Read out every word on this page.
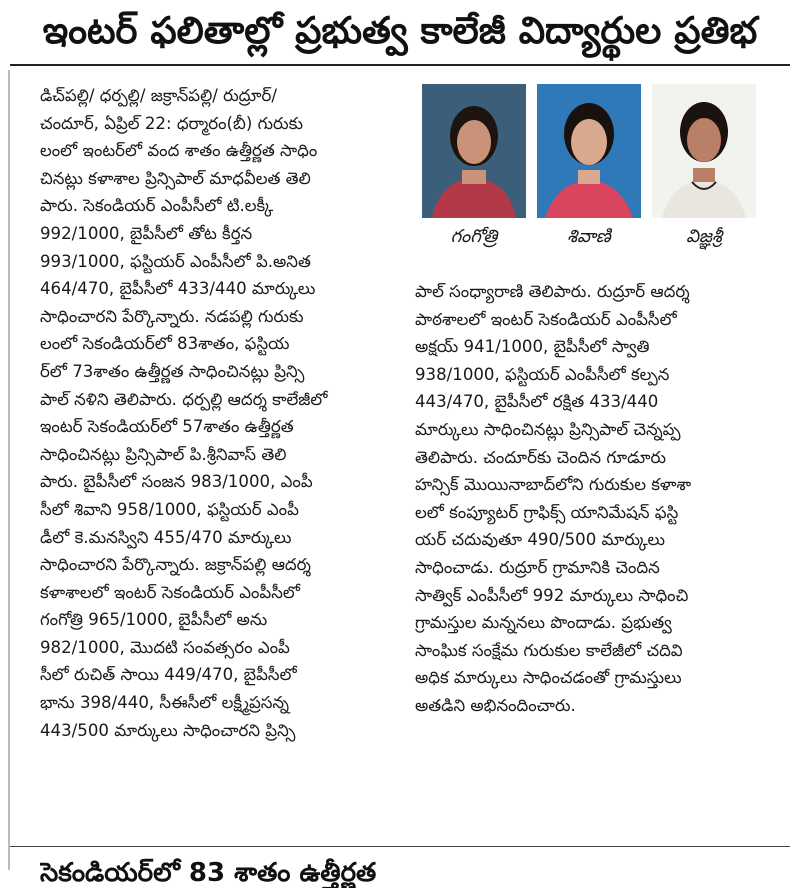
ఇంటర్ ఫలితాల్లో ప్రభుత్వ కాలేజీ విద్యార్థుల ప్రతిభ

డిచ్‌పల్లి/ ధర్పల్లి/ జక్రాన్‌పల్లి/ రుద్రూర్/

చందూర్, ఏప్రిల్ 22: ధర్మారం(బీ) గురుకు

లంలో ఇంటర్‌లో వంద శాతం ఉత్తీర్ణత సాధిం

చినట్లు కళాశాల ప్రిన్సిపాల్ మాధవీలత తెలి

పారు. సెకండియర్ ఎంపీసీలో టి.లక్కీ

992/1000, బైపీసీలో తోట కీర్తన

993/1000, ఫస్టియర్ ఎంపీసీలో పి.అనిత

464/470, బైపీసీలో 433/440 మార్కులు

సాధించారని పేర్కొన్నారు. నడపల్లి గురుకు

లంలో సెకండియర్‌లో 83శాతం, ఫస్టియ

ర్‌లో 73శాతం ఉత్తీర్ణత సాధించినట్లు ప్రిన్సి

పాల్ నళిని తెలిపారు. ధర్పల్లి ఆదర్శ కాలేజీలో

ఇంటర్ సెకండియర్‌లో 57శాతం ఉత్తీర్ణత

సాధించినట్లు ప్రిన్సిపాల్ పి.శ్రీనివాస్ తెలి

పారు. బైపీసీలో సంజన 983/1000, ఎంపీ

సీలో శివాని 958/1000, ఫస్టియర్ ఎంపీ

డీలో కె.మనస్విని 455/470 మార్కులు

సాధించారని పేర్కొన్నారు. జక్రాన్‌పల్లి ఆదర్శ

కళాశాలలో ఇంటర్ సెకండియర్ ఎంపీసీలో

గంగోత్రి 965/1000, బైపీసీలో అను

982/1000, మొదటి సంవత్సరం ఎంపీ

సీలో రుచిత్ సాయి 449/470, బైపీసీలో

భాను 398/440, సీఈసీలో లక్ష్మీప్రసన్న

443/500 మార్కులు సాధించారని ప్రిన్సి

గంగోత్రి	శివాణి	విజ్ఞశ్రీ

పాల్ సంధ్యారాణి తెలిపారు. రుద్రూర్ ఆదర్శ

పాఠశాలలో ఇంటర్ సెకండియర్ ఎంపీసీలో

అక్షయ్ 941/1000, బైపీసీలో స్వాతి

938/1000, ఫస్టియర్ ఎంపీసీలో కల్పన

443/470, బైపీసీలో రక్షిత 433/440

మార్కులు సాధించినట్లు ప్రిన్సిపాల్ చెన్నప్ప

తెలిపారు. చందూర్‌కు చెందిన గూడూరు

హన్సిక్ మొయినాబాద్‌లోని గురుకుల కళాశా

లలో కంప్యూటర్ గ్రాఫిక్స్ యానిమేషన్ ఫస్టి

యర్ చదువుతూ 490/500 మార్కులు

సాధించాడు. రుద్రూర్ గ్రామానికి చెందిన

సాత్విక్ ఎంపీసీలో 992 మార్కులు సాధించి

గ్రామస్తుల మన్ననలు పొందాడు. ప్రభుత్వ

సాంఘిక సంక్షేమ గురుకుల కాలేజీలో చదివి

అధిక మార్కులు సాధించడంతో గ్రామస్తులు

అతడిని అభినందించారు.

సెకండియర్‌లో 83 శాతం ఉత్తీర్ణత
